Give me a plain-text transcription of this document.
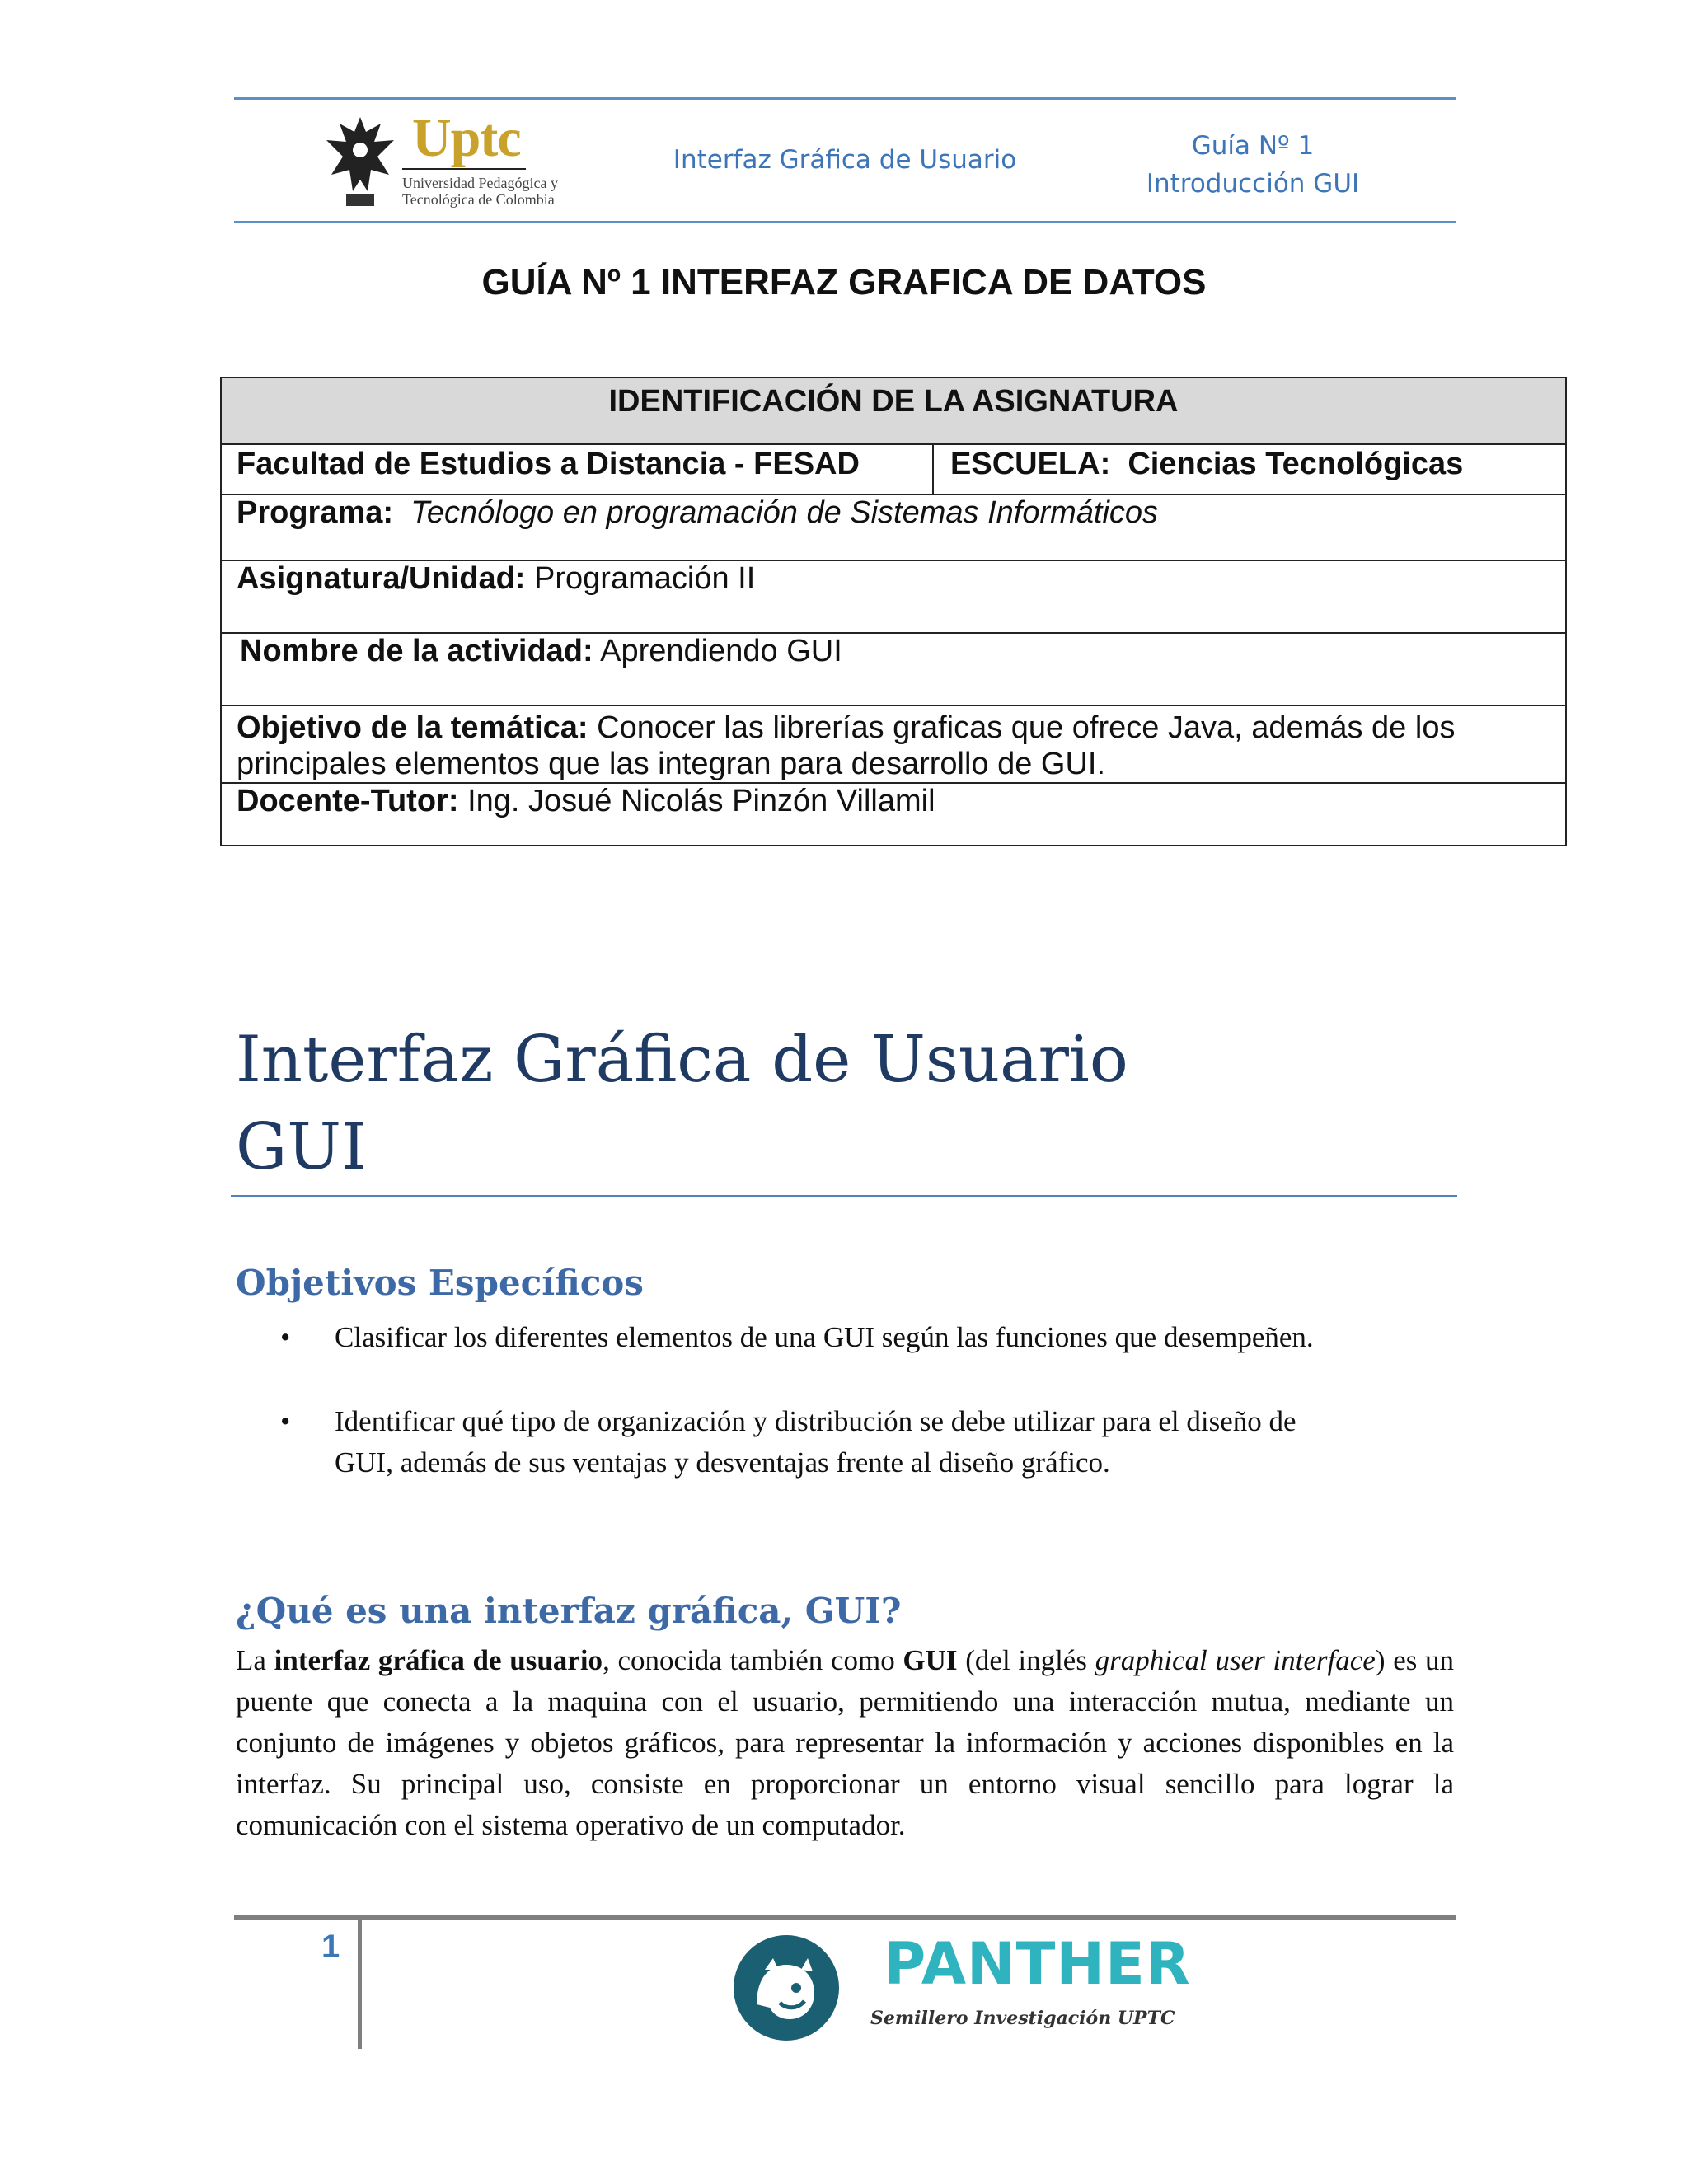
Uptc
Universidad Pedagógica y
Tecnológica de Colombia
Interfaz Gráfica de Usuario	Guía Nº 1
Introducción GUI
GUÍA Nº 1 INTERFAZ GRAFICA DE DATOS
IDENTIFICACIÓN DE LA ASIGNATURA
Facultad de Estudios a Distancia - FESAD	ESCUELA: Ciencias Tecnológicas
Programa: Tecnólogo en programación de Sistemas Informáticos
Asignatura/Unidad: Programación II
Nombre de la actividad: Aprendiendo GUI
Objetivo de la temática: Conocer las librerías graficas que ofrece Java, además de los
principales elementos que las integran para desarrollo de GUI.
Docente-Tutor: Ing. Josué Nicolás Pinzón Villamil
Interfaz Gráfica de Usuario
GUI
Objetivos Específicos
• Clasificar los diferentes elementos de una GUI según las funciones que desempeñen.
• Identificar qué tipo de organización y distribución se debe utilizar para el diseño de
GUI, además de sus ventajas y desventajas frente al diseño gráfico.
¿Qué es una interfaz gráfica, GUI?
La interfaz gráfica de usuario, conocida también como GUI (del inglés graphical user interface) es un puente que conecta a la maquina con el usuario, permitiendo una interacción mutua, mediante un conjunto de imágenes y objetos gráficos, para representar la información y acciones disponibles en la interfaz. Su principal uso, consiste en proporcionar un entorno visual sencillo para lograr la comunicación con el sistema operativo de un computador.
1	PANTHER
Semillero Investigación UPTC
